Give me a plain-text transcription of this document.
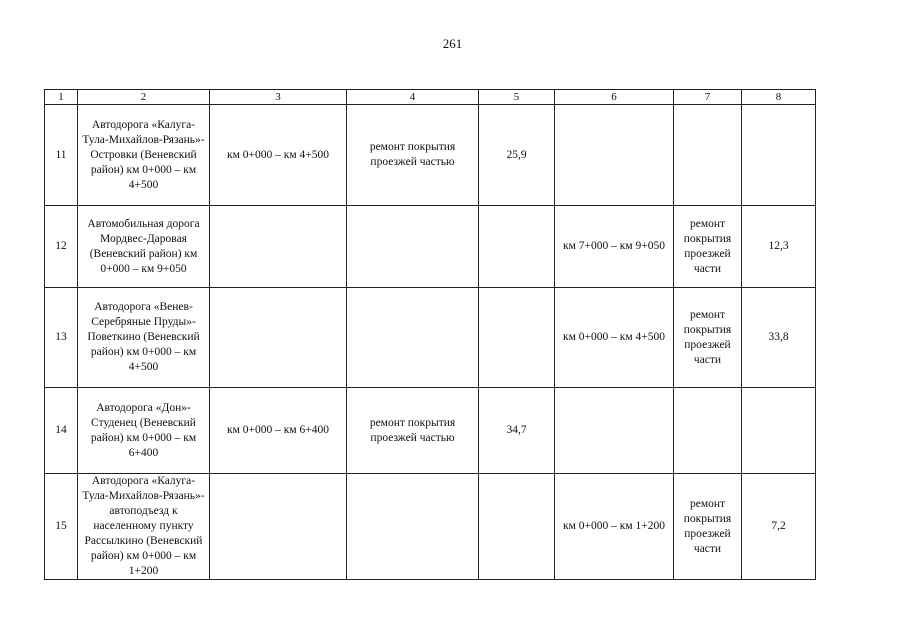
261
1	2	3	4	5	6	7	8
11	Автодорога «Калуга-Тула-Михайлов-Рязань»-Островки (Веневский район) км 0+000 – км 4+500	км 0+000 – км 4+500	ремонт покрытия проезжей частью	25,9			
12	Автомобильная дорога Мордвес-Даровая (Веневский район) км 0+000 – км 9+050				км 7+000 – км 9+050	ремонт покрытия проезжей части	12,3
13	Автодорога «Венев-Серебряные Пруды»-Поветкино (Веневский район) км 0+000 – км 4+500				км 0+000 – км 4+500	ремонт покрытия проезжей части	33,8
14	Автодорога «Дон»-Студенец (Веневский район) км 0+000 – км 6+400	км 0+000 – км 6+400	ремонт покрытия проезжей частью	34,7			
15	Автодорога «Калуга-Тула-Михайлов-Рязань»-автоподъезд к населенному пункту Рассылкино (Веневский район) км 0+000 – км 1+200				км 0+000 – км 1+200	ремонт покрытия проезжей части	7,2
